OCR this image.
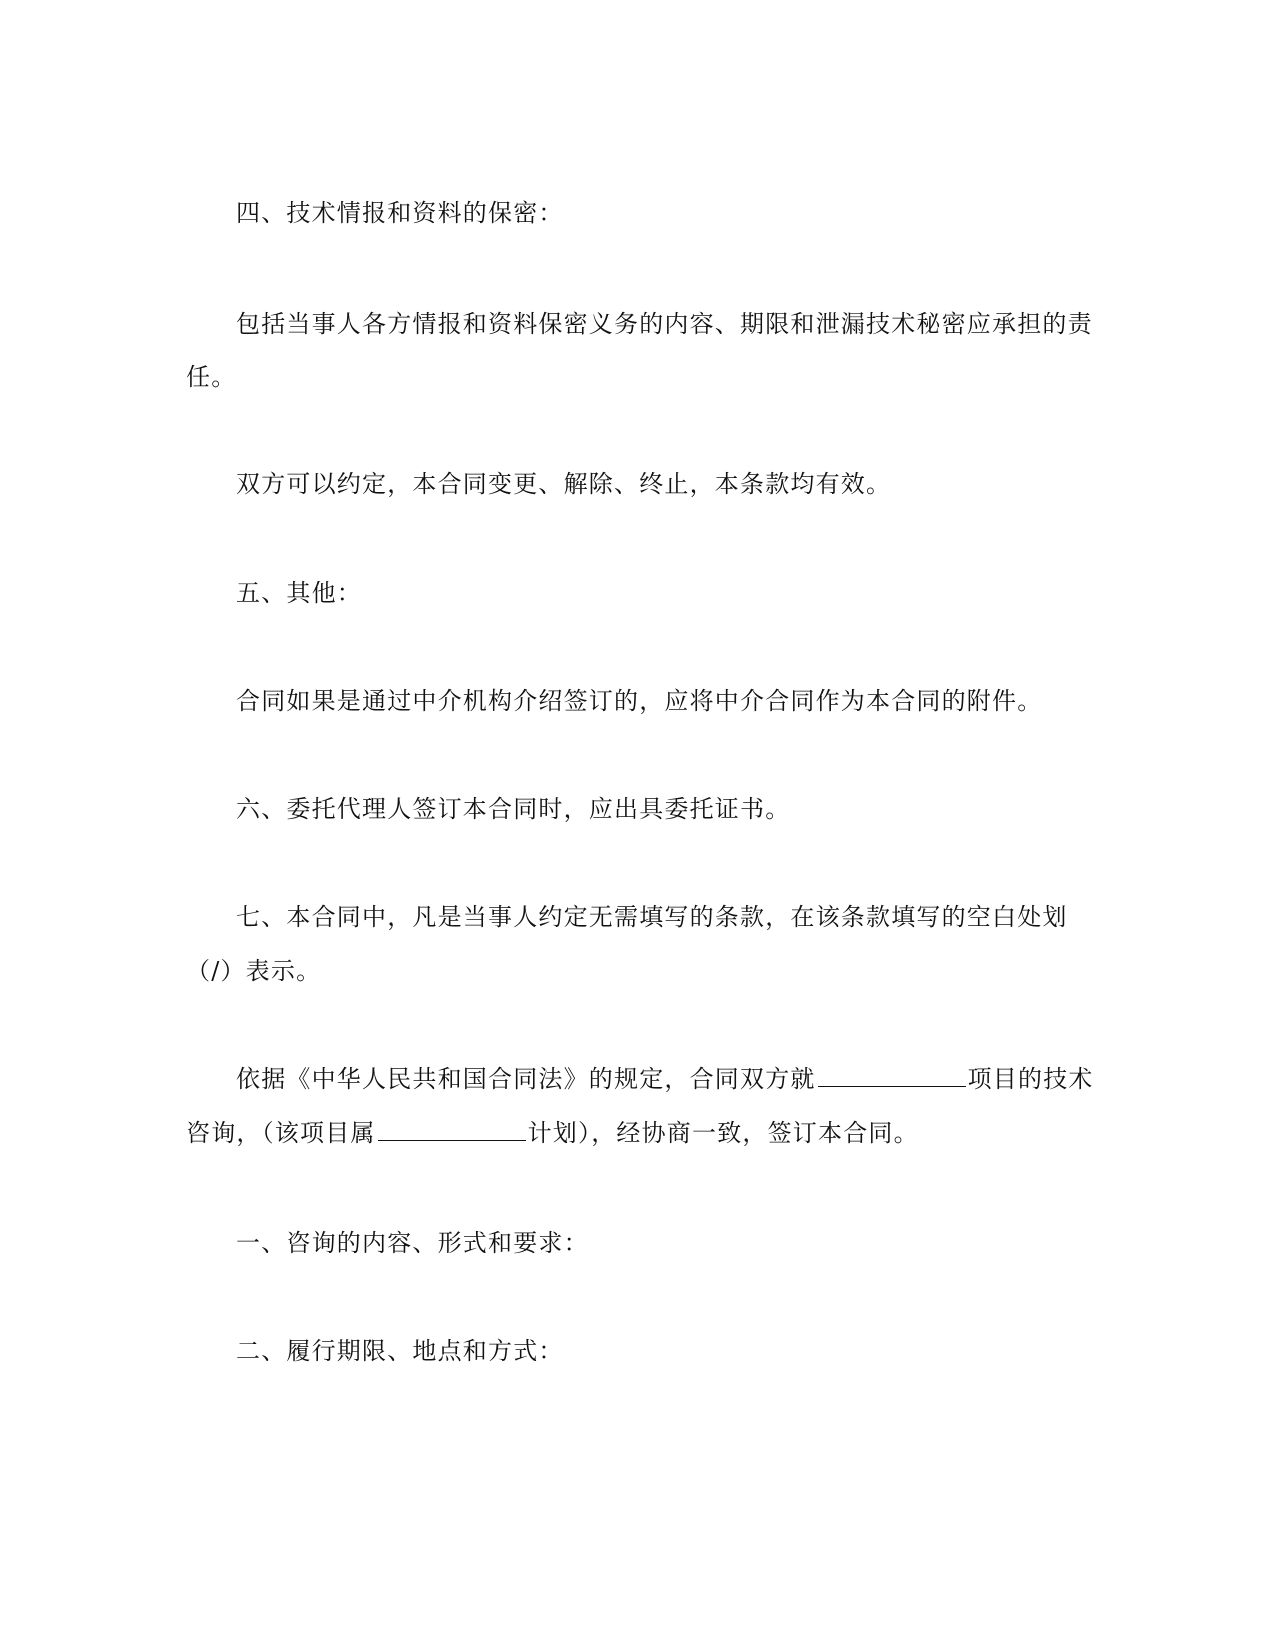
四、技术情报和资料的保密：
包括当事人各方情报和资料保密义务的内容、期限和泄漏技术秘密应承担的责
任。
双方可以约定，本合同变更、解除、终止，本条款均有效。
五、其他：
合同如果是通过中介机构介绍签订的，应将中介合同作为本合同的附件。
六、委托代理人签订本合同时，应出具委托证书。
七、本合同中，凡是当事人约定无需填写的条款，在该条款填写的空白处划
（/）表示。
依据《中华人民共和国合同法》的规定，合同双方就	项目的技术
咨询，（该项目属	计划），经协商一致，签订本合同。
一、咨询的内容、形式和要求：
二、履行期限、地点和方式：
